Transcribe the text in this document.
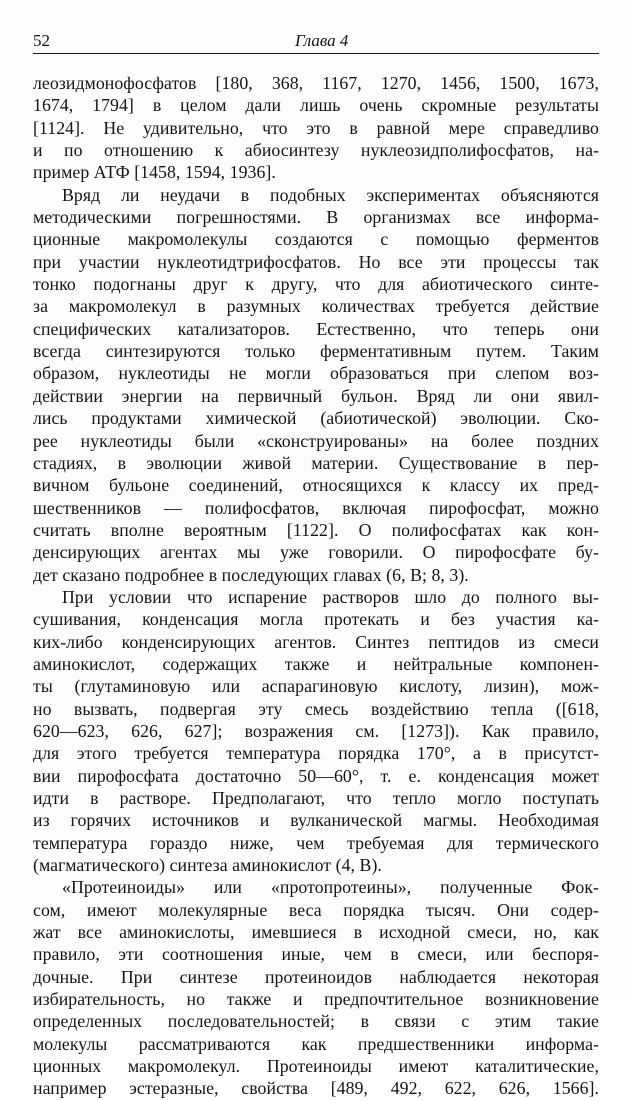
52	Глава 4
леозидмонофосфатов [180, 368, 1167, 1270, 1456, 1500, 1673,
1674, 1794] в целом дали лишь очень скромные результаты
[1124]. Не удивительно, что это в равной мере справедливо
и по отношению к абиосинтезу нуклеозидполифосфатов, на-
пример АТФ [1458, 1594, 1936].
Вряд ли неудачи в подобных экспериментах объясняются
методическими погрешностями. В организмах все информа-
ционные макромолекулы создаются с помощью ферментов
при участии нуклеотидтрифосфатов. Но все эти процессы так
тонко подогнаны друг к другу, что для абиотического синте-
за макромолекул в разумных количествах требуется действие
специфических катализаторов. Естественно, что теперь они
всегда синтезируются только ферментативным путем. Таким
образом, нуклеотиды не могли образоваться при слепом воз-
действии энергии на первичный бульон. Вряд ли они явил-
лись продуктами химической (абиотической) эволюции. Ско-
рее нуклеотиды были «сконструированы» на более поздних
стадиях, в эволюции живой материи. Существование в пер-
вичном бульоне соединений, относящихся к классу их пред-
шественников — полифосфатов, включая пирофосфат, можно
считать вполне вероятным [1122]. О полифосфатах как кон-
денсирующих агентах мы уже говорили. О пирофосфате бу-
дет сказано подробнее в последующих главах (6, В; 8, 3).
При условии что испарение растворов шло до полного вы-
сушивания, конденсация могла протекать и без участия ка-
ких-либо конденсирующих агентов. Синтез пептидов из смеси
аминокислот, содержащих также и нейтральные компонен-
ты (глутаминовую или аспарагиновую кислоту, лизин), мож-
но вызвать, подвергая эту смесь воздействию тепла ([618,
620—623, 626, 627]; возражения см. [1273]). Как правило,
для этого требуется температура порядка 170°, а в присутст-
вии пирофосфата достаточно 50—60°, т. е. конденсация может
идти в растворе. Предполагают, что тепло могло поступать
из горячих источников и вулканической магмы. Необходимая
температура гораздо ниже, чем требуемая для термического
(магматического) синтеза аминокислот (4, В).
«Протеиноиды» или «протопротеины», полученные Фок-
сом, имеют молекулярные веса порядка тысяч. Они содер-
жат все аминокислоты, имевшиеся в исходной смеси, но, как
правило, эти соотношения иные, чем в смеси, или беспоря-
дочные. При синтезе протеиноидов наблюдается некоторая
избирательность, но также и предпочтительное возникновение
определенных последовательностей; в связи с этим такие
молекулы рассматриваются как предшественники информа-
ционных макромолекул. Протеиноиды имеют каталитические,
например эстеразные, свойства [489, 492, 622, 626, 1566].
